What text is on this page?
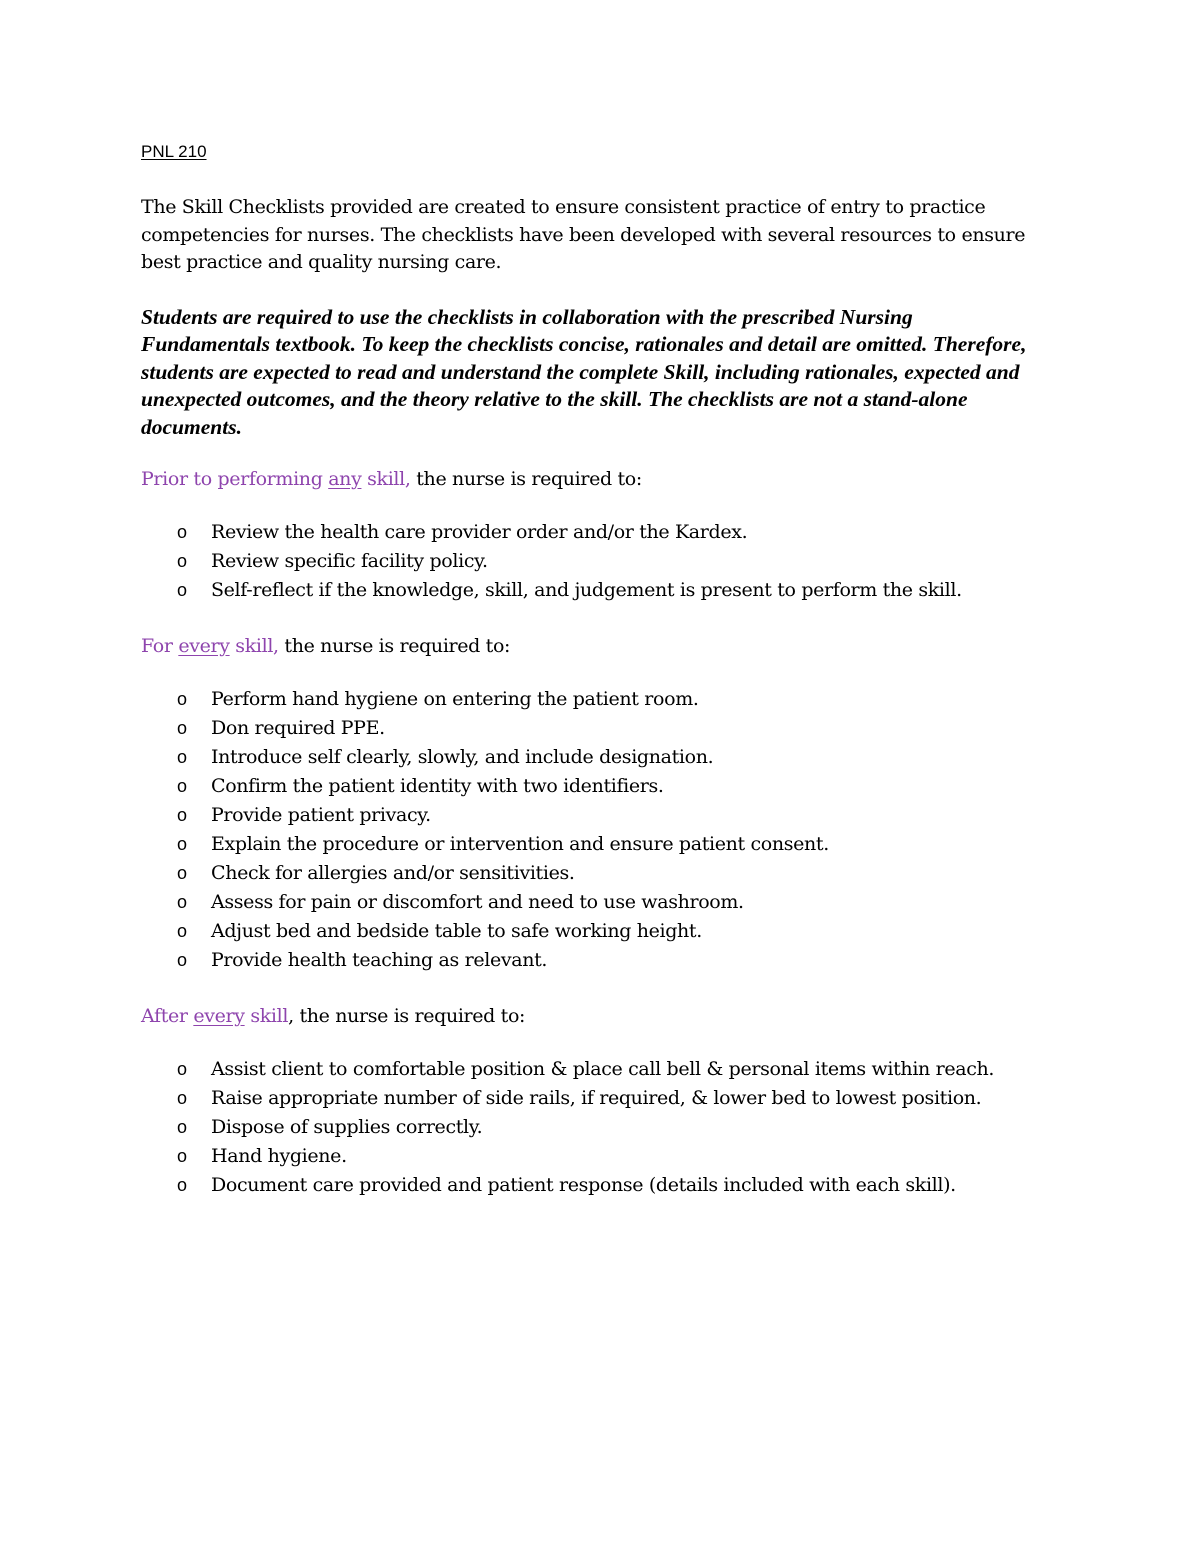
PNL 210

The Skill Checklists provided are created to ensure consistent practice of entry to practice competencies for nurses. The checklists have been developed with several resources to ensure best practice and quality nursing care.

Students are required to use the checklists in collaboration with the prescribed Nursing Fundamentals textbook. To keep the checklists concise, rationales and detail are omitted. Therefore, students are expected to read and understand the complete Skill, including rationales, expected and unexpected outcomes, and the theory relative to the skill. The checklists are not a stand-alone documents.

Prior to performing any skill, the nurse is required to:

o	Review the health care provider order and/or the Kardex.
o	Review specific facility policy.
o	Self-reflect if the knowledge, skill, and judgement is present to perform the skill.

For every skill, the nurse is required to:

o	Perform hand hygiene on entering the patient room.
o	Don required PPE.
o	Introduce self clearly, slowly, and include designation.
o	Confirm the patient identity with two identifiers.
o	Provide patient privacy.
o	Explain the procedure or intervention and ensure patient consent.
o	Check for allergies and/or sensitivities.
o	Assess for pain or discomfort and need to use washroom.
o	Adjust bed and bedside table to safe working height.
o	Provide health teaching as relevant.

After every skill, the nurse is required to:

o	Assist client to comfortable position & place call bell & personal items within reach.
o	Raise appropriate number of side rails, if required, & lower bed to lowest position.
o	Dispose of supplies correctly.
o	Hand hygiene.
o	Document care provided and patient response (details included with each skill).
